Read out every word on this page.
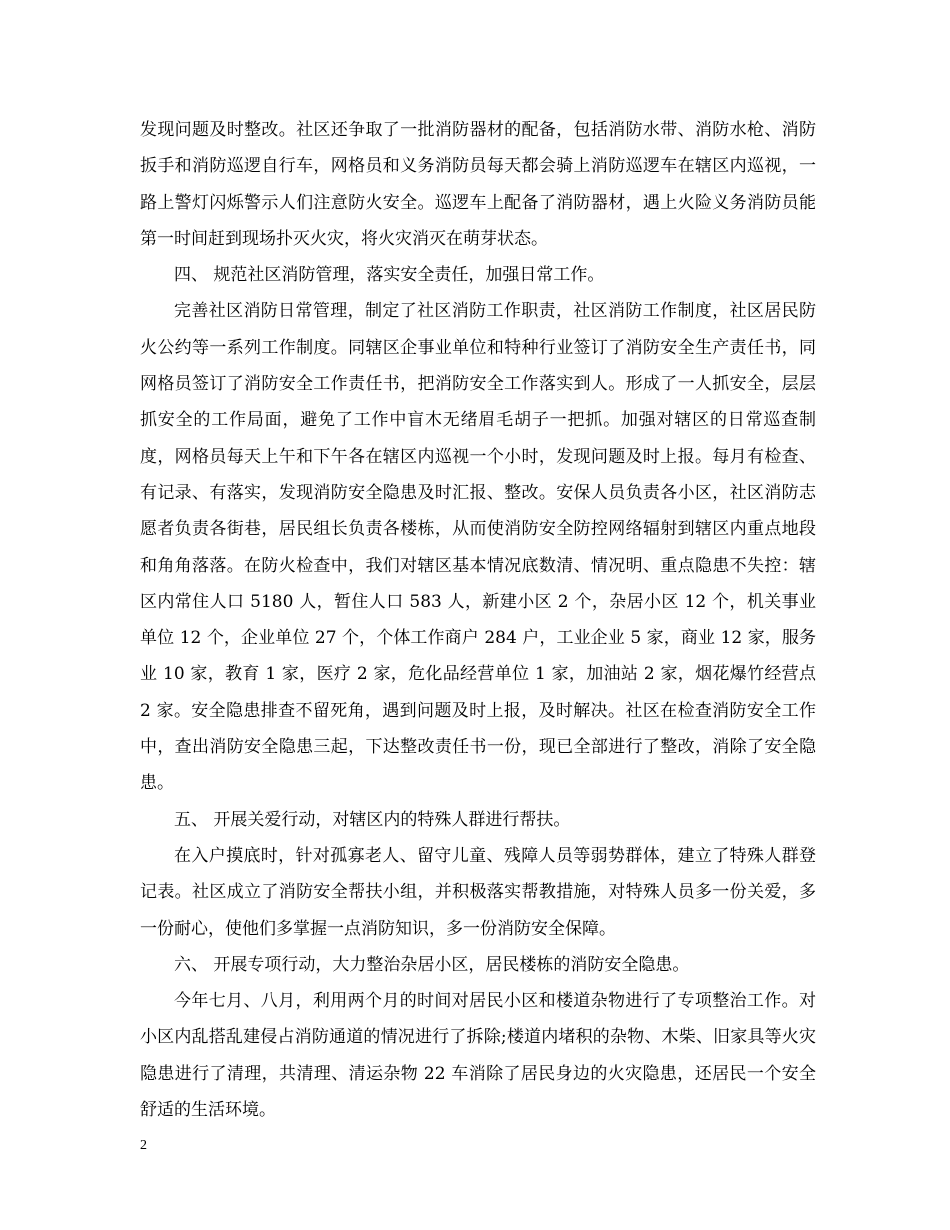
发现问题及时整改。社区还争取了一批消防器材的配备，包括消防水带、消防水枪、消防扳手和消防巡逻自行车，网格员和义务消防员每天都会骑上消防巡逻车在辖区内巡视，一路上警灯闪烁警示人们注意防火安全。巡逻车上配备了消防器材，遇上火险义务消防员能第一时间赶到现场扑灭火灾，将火灾消灭在萌芽状态。

四、 规范社区消防管理，落实安全责任，加强日常工作。

完善社区消防日常管理，制定了社区消防工作职责，社区消防工作制度，社区居民防火公约等一系列工作制度。同辖区企事业单位和特种行业签订了消防安全生产责任书，同网格员签订了消防安全工作责任书，把消防安全工作落实到人。形成了一人抓安全，层层抓安全的工作局面，避免了工作中盲木无绪眉毛胡子一把抓。加强对辖区的日常巡查制度，网格员每天上午和下午各在辖区内巡视一个小时，发现问题及时上报。每月有检查、有记录、有落实，发现消防安全隐患及时汇报、整改。安保人员负责各小区，社区消防志愿者负责各街巷，居民组长负责各楼栋，从而使消防安全防控网络辐射到辖区内重点地段和角角落落。在防火检查中，我们对辖区基本情况底数清、情况明、重点隐患不失控：辖区内常住人口 5180 人，暂住人口 583 人，新建小区 2 个，杂居小区 12 个，机关事业单位 12 个，企业单位 27 个，个体工作商户 284 户，工业企业 5 家，商业 12 家，服务业 10 家，教育 1 家，医疗 2 家，危化品经营单位 1 家，加油站 2 家，烟花爆竹经营点 2 家。安全隐患排查不留死角，遇到问题及时上报，及时解决。社区在检查消防安全工作中，查出消防安全隐患三起，下达整改责任书一份，现已全部进行了整改，消除了安全隐患。

五、 开展关爱行动，对辖区内的特殊人群进行帮扶。

在入户摸底时，针对孤寡老人、留守儿童、残障人员等弱势群体，建立了特殊人群登记表。社区成立了消防安全帮扶小组，并积极落实帮教措施，对特殊人员多一份关爱，多一份耐心，使他们多掌握一点消防知识，多一份消防安全保障。

六、 开展专项行动，大力整治杂居小区，居民楼栋的消防安全隐患。

今年七月、八月，利用两个月的时间对居民小区和楼道杂物进行了专项整治工作。对小区内乱搭乱建侵占消防通道的情况进行了拆除;楼道内堵积的杂物、木柴、旧家具等火灾隐患进行了清理，共清理、清运杂物 22 车消除了居民身边的火灾隐患，还居民一个安全舒适的生活环境。

2
